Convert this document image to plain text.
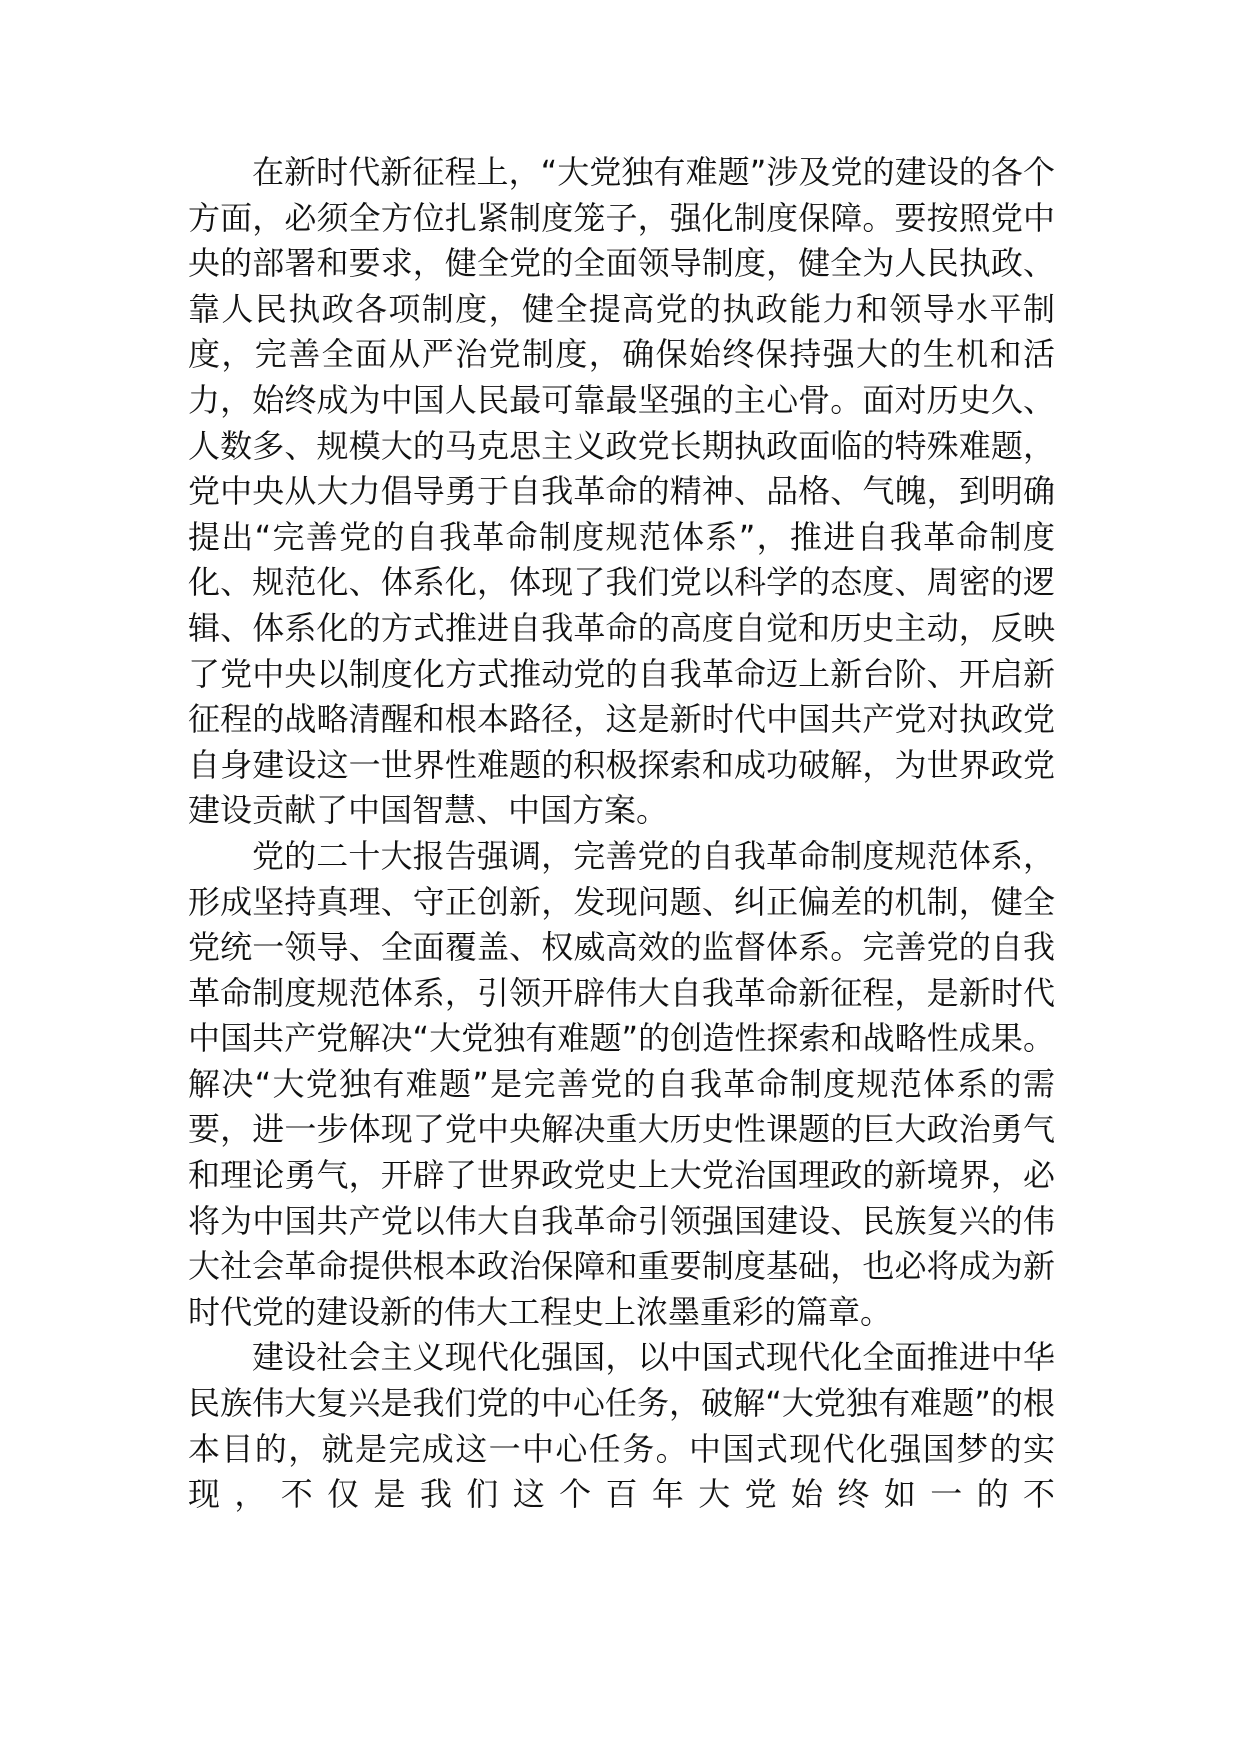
在新时代新征程上，“大党独有难题”涉及党的建设的各个方面，必须全方位扎紧制度笼子，强化制度保障。要按照党中央的部署和要求，健全党的全面领导制度，健全为人民执政、靠人民执政各项制度，健全提高党的执政能力和领导水平制度，完善全面从严治党制度，确保始终保持强大的生机和活力，始终成为中国人民最可靠最坚强的主心骨。面对历史久、人数多、规模大的马克思主义政党长期执政面临的特殊难题，党中央从大力倡导勇于自我革命的精神、品格、气魄，到明确提出“完善党的自我革命制度规范体系”，推进自我革命制度化、规范化、体系化，体现了我们党以科学的态度、周密的逻辑、体系化的方式推进自我革命的高度自觉和历史主动，反映了党中央以制度化方式推动党的自我革命迈上新台阶、开启新征程的战略清醒和根本路径，这是新时代中国共产党对执政党自身建设这一世界性难题的积极探索和成功破解，为世界政党建设贡献了中国智慧、中国方案。

党的二十大报告强调，完善党的自我革命制度规范体系，形成坚持真理、守正创新，发现问题、纠正偏差的机制，健全党统一领导、全面覆盖、权威高效的监督体系。完善党的自我革命制度规范体系，引领开辟伟大自我革命新征程，是新时代中国共产党解决“大党独有难题”的创造性探索和战略性成果。解决“大党独有难题”是完善党的自我革命制度规范体系的需要，进一步体现了党中央解决重大历史性课题的巨大政治勇气和理论勇气，开辟了世界政党史上大党治国理政的新境界，必将为中国共产党以伟大自我革命引领强国建设、民族复兴的伟大社会革命提供根本政治保障和重要制度基础，也必将成为新时代党的建设新的伟大工程史上浓墨重彩的篇章。

建设社会主义现代化强国，以中国式现代化全面推进中华民族伟大复兴是我们党的中心任务，破解“大党独有难题”的根本目的，就是完成这一中心任务。中国式现代化强国梦的实现，不仅是我们这个百年大党始终如一的不
